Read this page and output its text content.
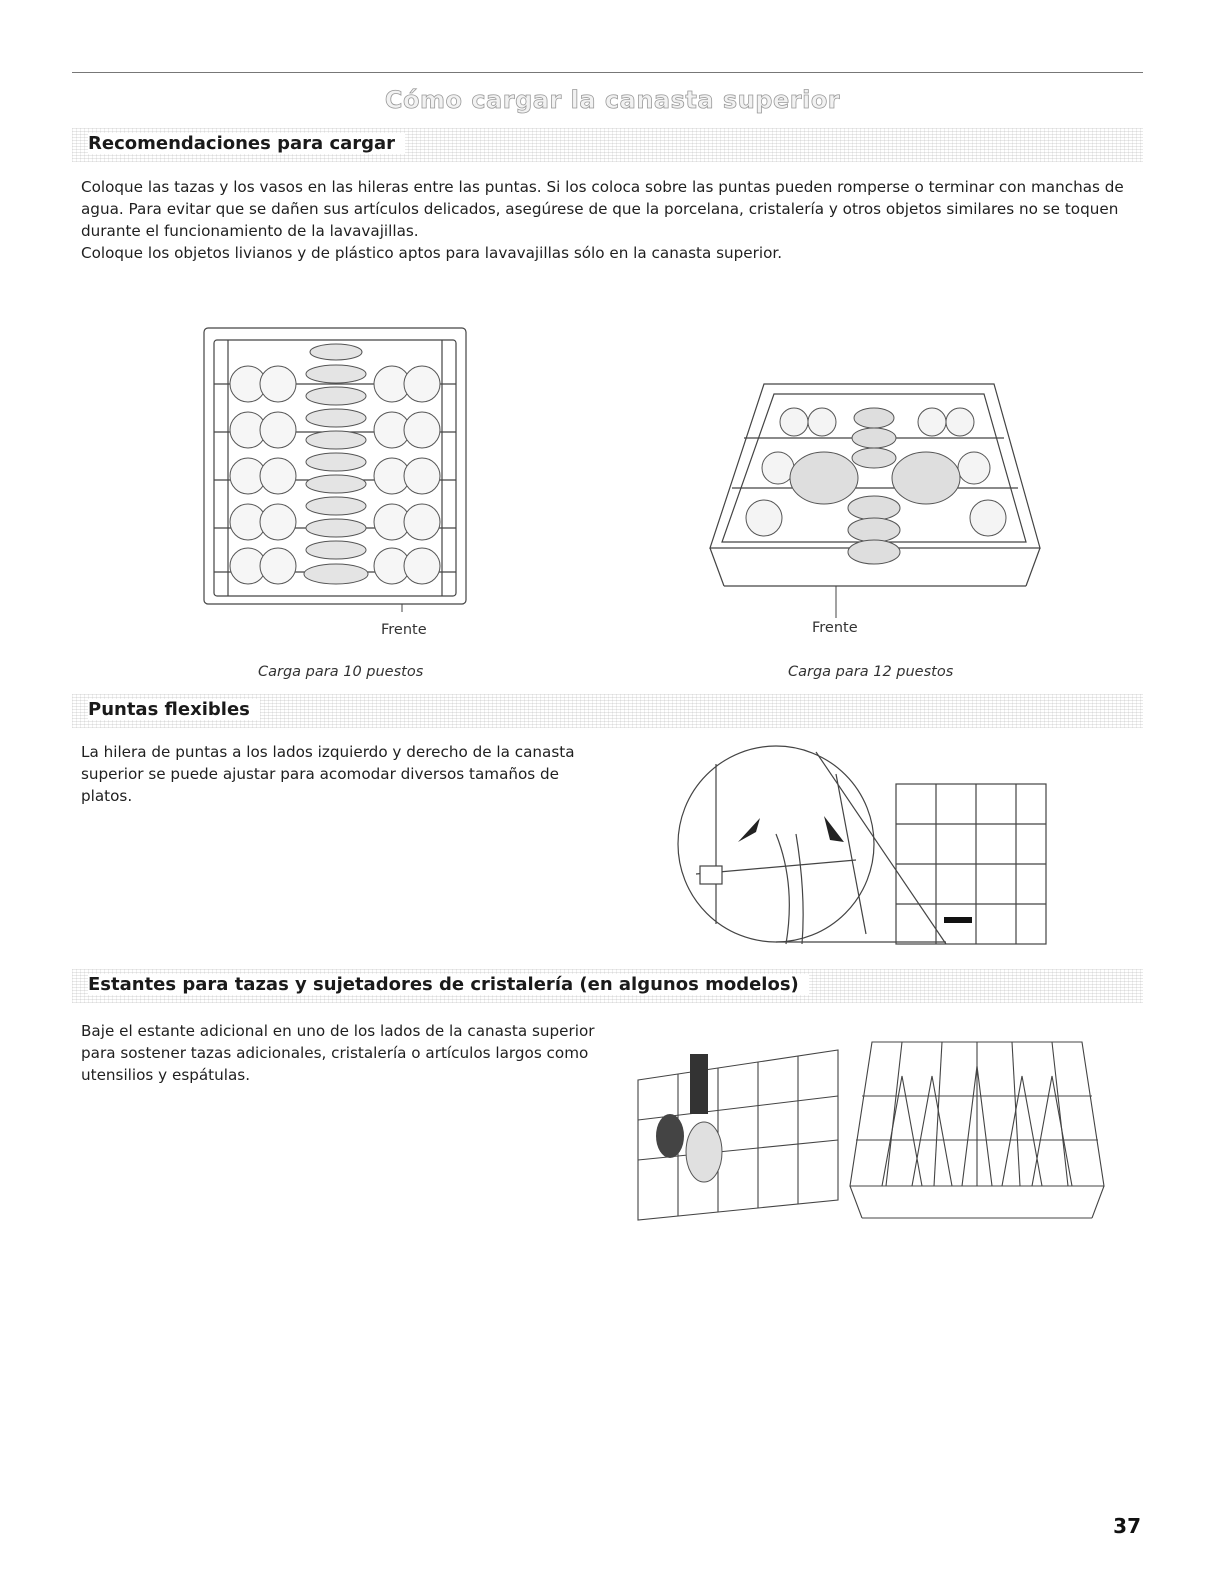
Cómo cargar la canasta superior
Recomendaciones para cargar

Coloque las tazas y los vasos en las hileras entre las puntas. Si los coloca sobre las puntas pueden romperse o terminar con manchas de agua. Para evitar que se dañen sus artículos delicados, asegúrese de que la porcelana, cristalería y otros objetos similares no se toquen durante el funcionamiento de la lavavajillas.

Coloque los objetos livianos y de plástico aptos para lavavajillas sólo en la canasta superior.

Frente
Carga para 10 puestos
Frente
Carga para 12 puestos
Puntas flexibles
La hilera de puntas a los lados izquierdo y derecho de la canasta superior se puede ajustar para acomodar diversos tamaños de platos.
Estantes para tazas y sujetadores de cristalería (en algunos modelos)
Baje el estante adicional en uno de los lados de la canasta superior para sostener tazas adicionales, cristalería o artículos largos como utensilios y espátulas.
37
